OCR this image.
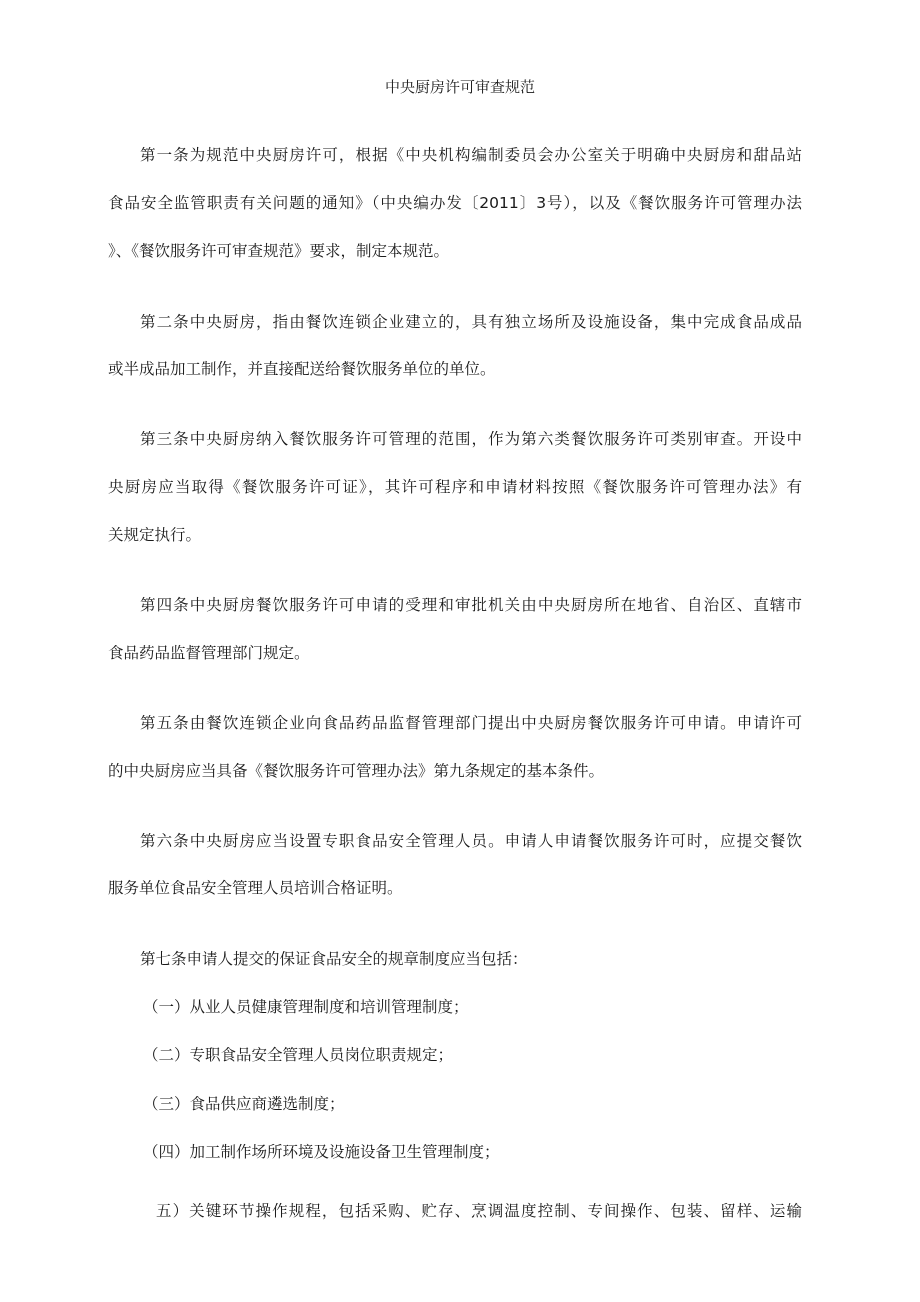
中央厨房许可审查规范
第一条为规范中央厨房许可，根据《中央机构编制委员会办公室关于明确中央厨房和甜品站
食品安全监管职责有关问题的通知》（中央编办发〔2011〕3号），以及《餐饮服务许可管理办法
》、《餐饮服务许可审查规范》要求，制定本规范。
第二条中央厨房，指由餐饮连锁企业建立的，具有独立场所及设施设备，集中完成食品成品
或半成品加工制作，并直接配送给餐饮服务单位的单位。
第三条中央厨房纳入餐饮服务许可管理的范围，作为第六类餐饮服务许可类别审查。开设中
央厨房应当取得《餐饮服务许可证》，其许可程序和申请材料按照《餐饮服务许可管理办法》有
关规定执行。
第四条中央厨房餐饮服务许可申请的受理和审批机关由中央厨房所在地省、自治区、直辖市
食品药品监督管理部门规定。
第五条由餐饮连锁企业向食品药品监督管理部门提出中央厨房餐饮服务许可申请。申请许可
的中央厨房应当具备《餐饮服务许可管理办法》第九条规定的基本条件。
第六条中央厨房应当设置专职食品安全管理人员。申请人申请餐饮服务许可时，应提交餐饮
服务单位食品安全管理人员培训合格证明。
第七条申请人提交的保证食品安全的规章制度应当包括：
（一）从业人员健康管理制度和培训管理制度；
（二）专职食品安全管理人员岗位职责规定；
（三）食品供应商遴选制度；
（四）加工制作场所环境及设施设备卫生管理制度；
五）关键环节操作规程，包括采购、贮存、烹调温度控制、专间操作、包装、留样、运输
